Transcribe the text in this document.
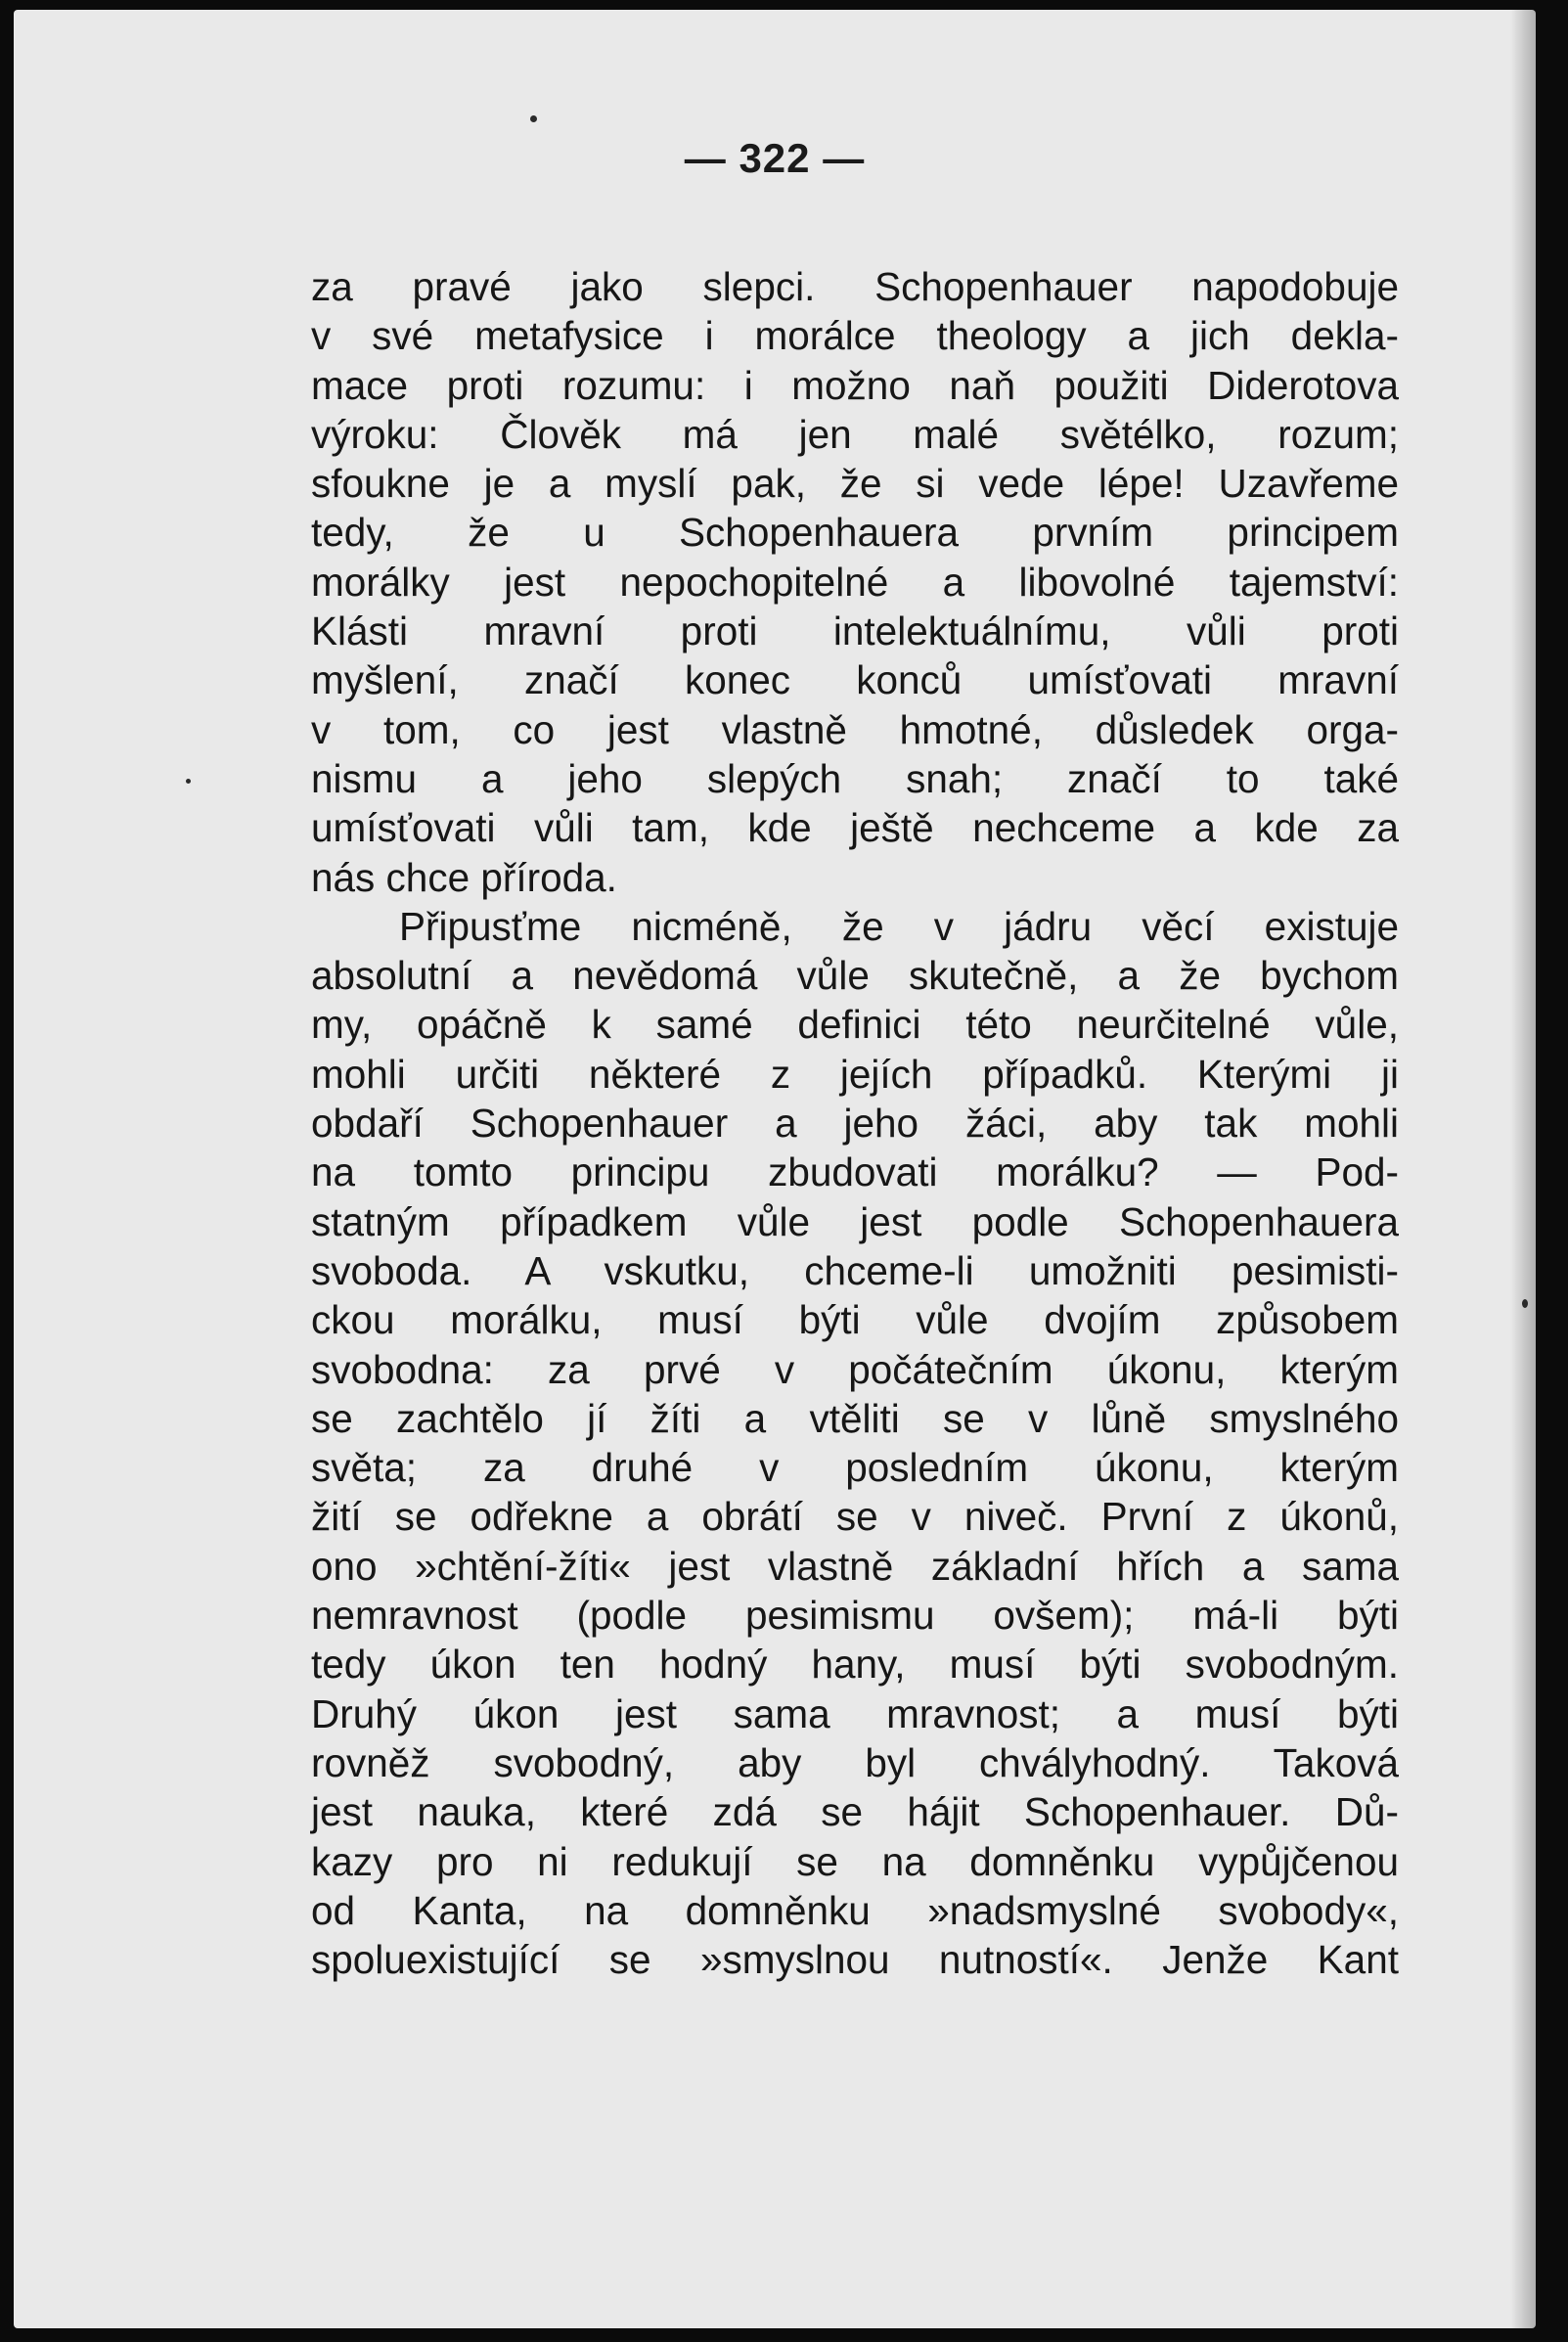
— 322 —
za pravé jako slepci. Schopenhauer napodobuje
v své metafysice i morálce theology a jich dekla-
mace proti rozumu: i možno naň použiti Diderotova
výroku: Člověk má jen malé světélko, rozum;
sfoukne je a myslí pak, že si vede lépe! Uzavřeme
tedy, že u Schopenhauera prvním principem
morálky jest nepochopitelné a libovolné tajemství:
Klásti mravní proti intelektuálnímu, vůli proti
myšlení, značí konec konců umísťovati mravní
v tom, co jest vlastně hmotné, důsledek orga-
nismu a jeho slepých snah; značí to také
umísťovati vůli tam, kde ještě nechceme a kde za
nás chce příroda.
Připusťme nicméně, že v jádru věcí existuje
absolutní a nevědomá vůle skutečně, a že bychom
my, opáčně k samé definici této neurčitelné vůle,
mohli určiti některé z jejích případků. Kterými ji
obdaří Schopenhauer a jeho žáci, aby tak mohli
na tomto principu zbudovati morálku? — Pod-
statným případkem vůle jest podle Schopenhauera
svoboda. A vskutku, chceme-li umožniti pesimisti-
ckou morálku, musí býti vůle dvojím způsobem
svobodna: za prvé v počátečním úkonu, kterým
se zachtělo jí žíti a vtěliti se v lůně smyslného
světa; za druhé v posledním úkonu, kterým
žití se odřekne a obrátí se v niveč. První z úkonů,
ono »chtění-žíti« jest vlastně základní hřích a sama
nemravnost (podle pesimismu ovšem); má-li býti
tedy úkon ten hodný hany, musí býti svobodným.
Druhý úkon jest sama mravnost; a musí býti
rovněž svobodný, aby byl chvályhodný. Taková
jest nauka, které zdá se hájit Schopenhauer. Dů-
kazy pro ni redukují se na domněnku vypůjčenou
od Kanta, na domněnku »nadsmyslné svobody«,
spoluexistující se »smyslnou nutností«. Jenže Kant
